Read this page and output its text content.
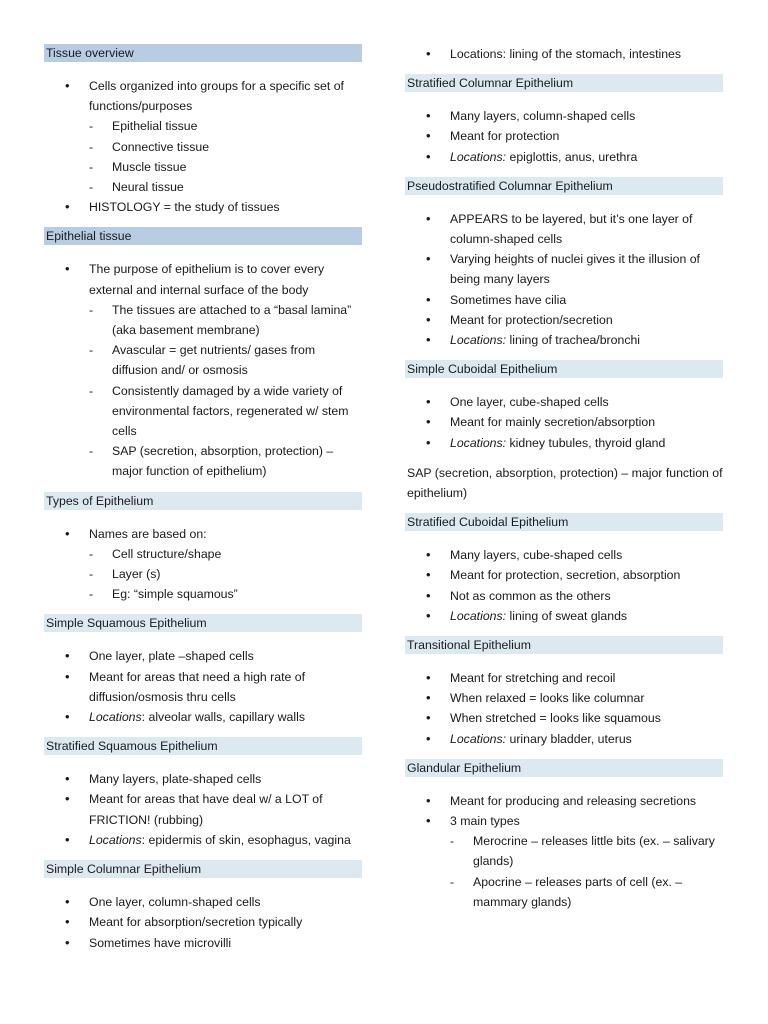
Tissue overview
• Cells organized into groups for a specific set of functions/purposes
- Epithelial tissue
- Connective tissue
- Muscle tissue
- Neural tissue
• HISTOLOGY = the study of tissues
Epithelial tissue
• The purpose of epithelium is to cover every external and internal surface of the body
- The tissues are attached to a “basal lamina” (aka basement membrane)
- Avascular = get nutrients/ gases from diffusion and/ or osmosis
- Consistently damaged by a wide variety of environmental factors, regenerated w/ stem cells
- SAP (secretion, absorption, protection) – major function of epithelium)
Types of Epithelium
• Names are based on:
- Cell structure/shape
- Layer (s)
- Eg: “simple squamous”
Simple Squamous Epithelium
• One layer, plate –shaped cells
• Meant for areas that need a high rate of diffusion/osmosis thru cells
• Locations: alveolar walls, capillary walls
Stratified Squamous Epithelium
• Many layers, plate-shaped cells
• Meant for areas that have deal w/ a LOT of FRICTION! (rubbing)
• Locations: epidermis of skin, esophagus, vagina
Simple Columnar Epithelium
• One layer, column-shaped cells
• Meant for absorption/secretion typically
• Sometimes have microvilli
• Locations: lining of the stomach, intestines
Stratified Columnar Epithelium
• Many layers, column-shaped cells
• Meant for protection
• Locations: epiglottis, anus, urethra
Pseudostratified Columnar Epithelium
• APPEARS to be layered, but it’s one layer of column-shaped cells
• Varying heights of nuclei gives it the illusion of being many layers
• Sometimes have cilia
• Meant for protection/secretion
• Locations: lining of trachea/bronchi
Simple Cuboidal Epithelium
• One layer, cube-shaped cells
• Meant for mainly secretion/absorption
• Locations: kidney tubules, thyroid gland

SAP (secretion, absorption, protection) – major function of epithelium)

Stratified Cuboidal Epithelium
• Many layers, cube-shaped cells
• Meant for protection, secretion, absorption
• Not as common as the others
• Locations: lining of sweat glands
Transitional Epithelium
• Meant for stretching and recoil
• When relaxed = looks like columnar
• When stretched = looks like squamous
• Locations: urinary bladder, uterus
Glandular Epithelium
• Meant for producing and releasing secretions
• 3 main types
- Merocrine – releases little bits (ex. – salivary glands)
- Apocrine – releases parts of cell (ex. – mammary glands)
